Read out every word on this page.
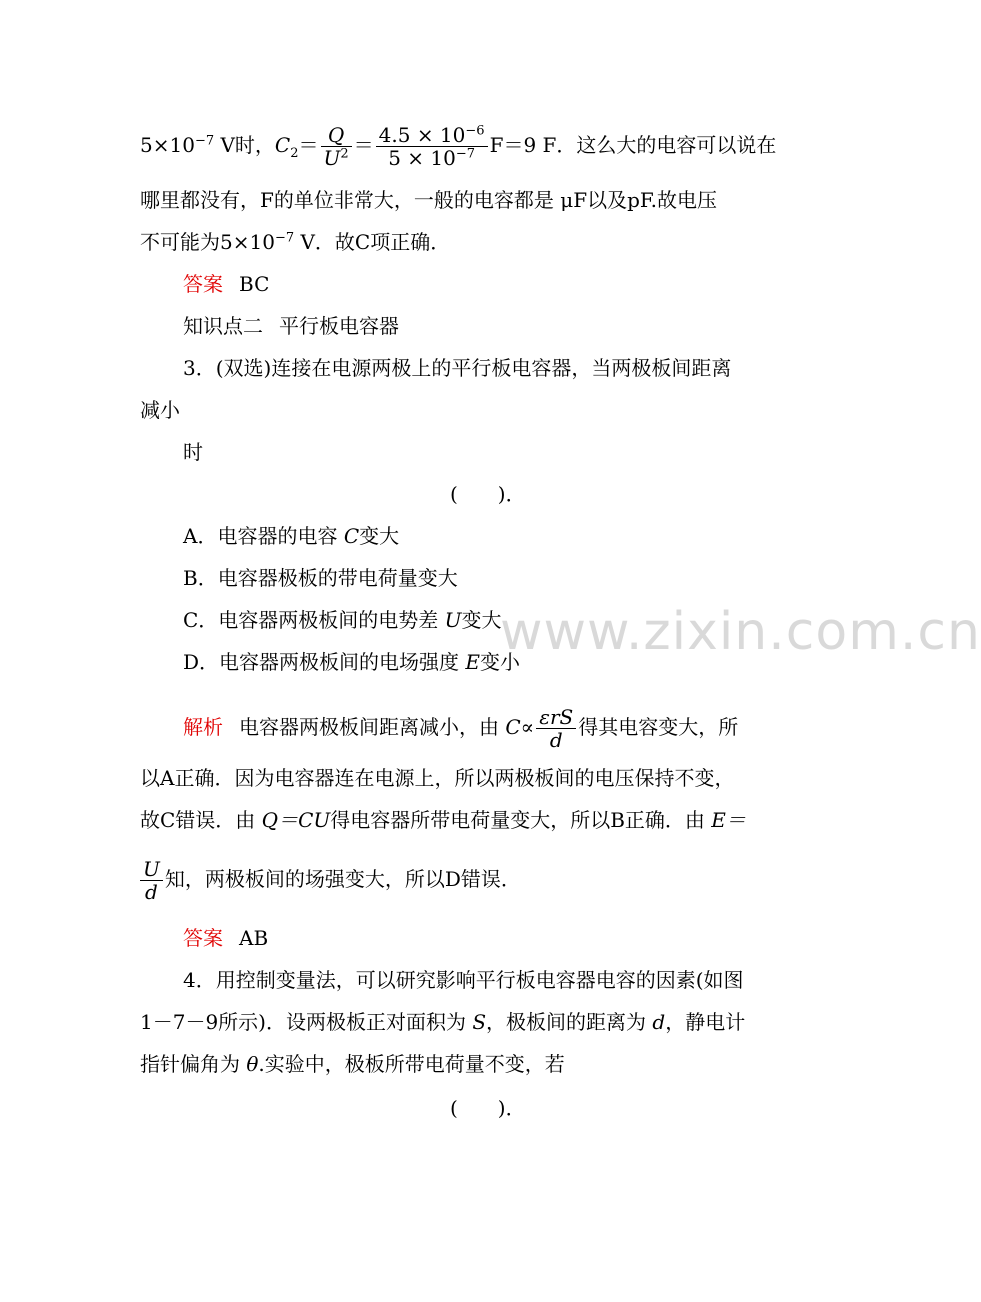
www.zixin.com.cn
$5\times 10^{-7}$ V时，$C_2= \frac{Q}{U^2} = \frac{4.5 \times 10^{-6}}{5 \times 10^{-7}} F=9$ F．这么大的电容可以说在
哪里都没有，F的单位非常大，一般的电容都是 μF以及pF.故电压
不可能为$5\times 10^{-7}$ V．故C项正确．
答案 BC
知识点二 平行板电容器
3．(双选)连接在电源两极上的平行板电容器，当两极板间距离
减小
时
(　　)．
A．电容器的电容 C变大
B．电容器极板的带电荷量变大
C．电容器两极板间的电势差 U变大
D．电容器两极板间的电场强度 E变小
解析 电容器两极板间距离减小，由 $C\propto \frac{\text{εrS}}{d}$ 得其电容变大，所
以A正确．因为电容器连在电源上，所以两极板间的电压保持不变，
故C错误．由 Q＝CU得电容器所带电荷量变大，所以B正确．由 E＝
$\frac{U}{d}$ 知，两极板间的场强变大，所以D错误．
答案 AB
4．用控制变量法，可以研究影响平行板电容器电容的因素(如图
1－7－9所示)．设两极板正对面积为 S，极板间的距离为 d，静电计
指针偏角为 θ.实验中，极板所带电荷量不变，若
(　　)．
